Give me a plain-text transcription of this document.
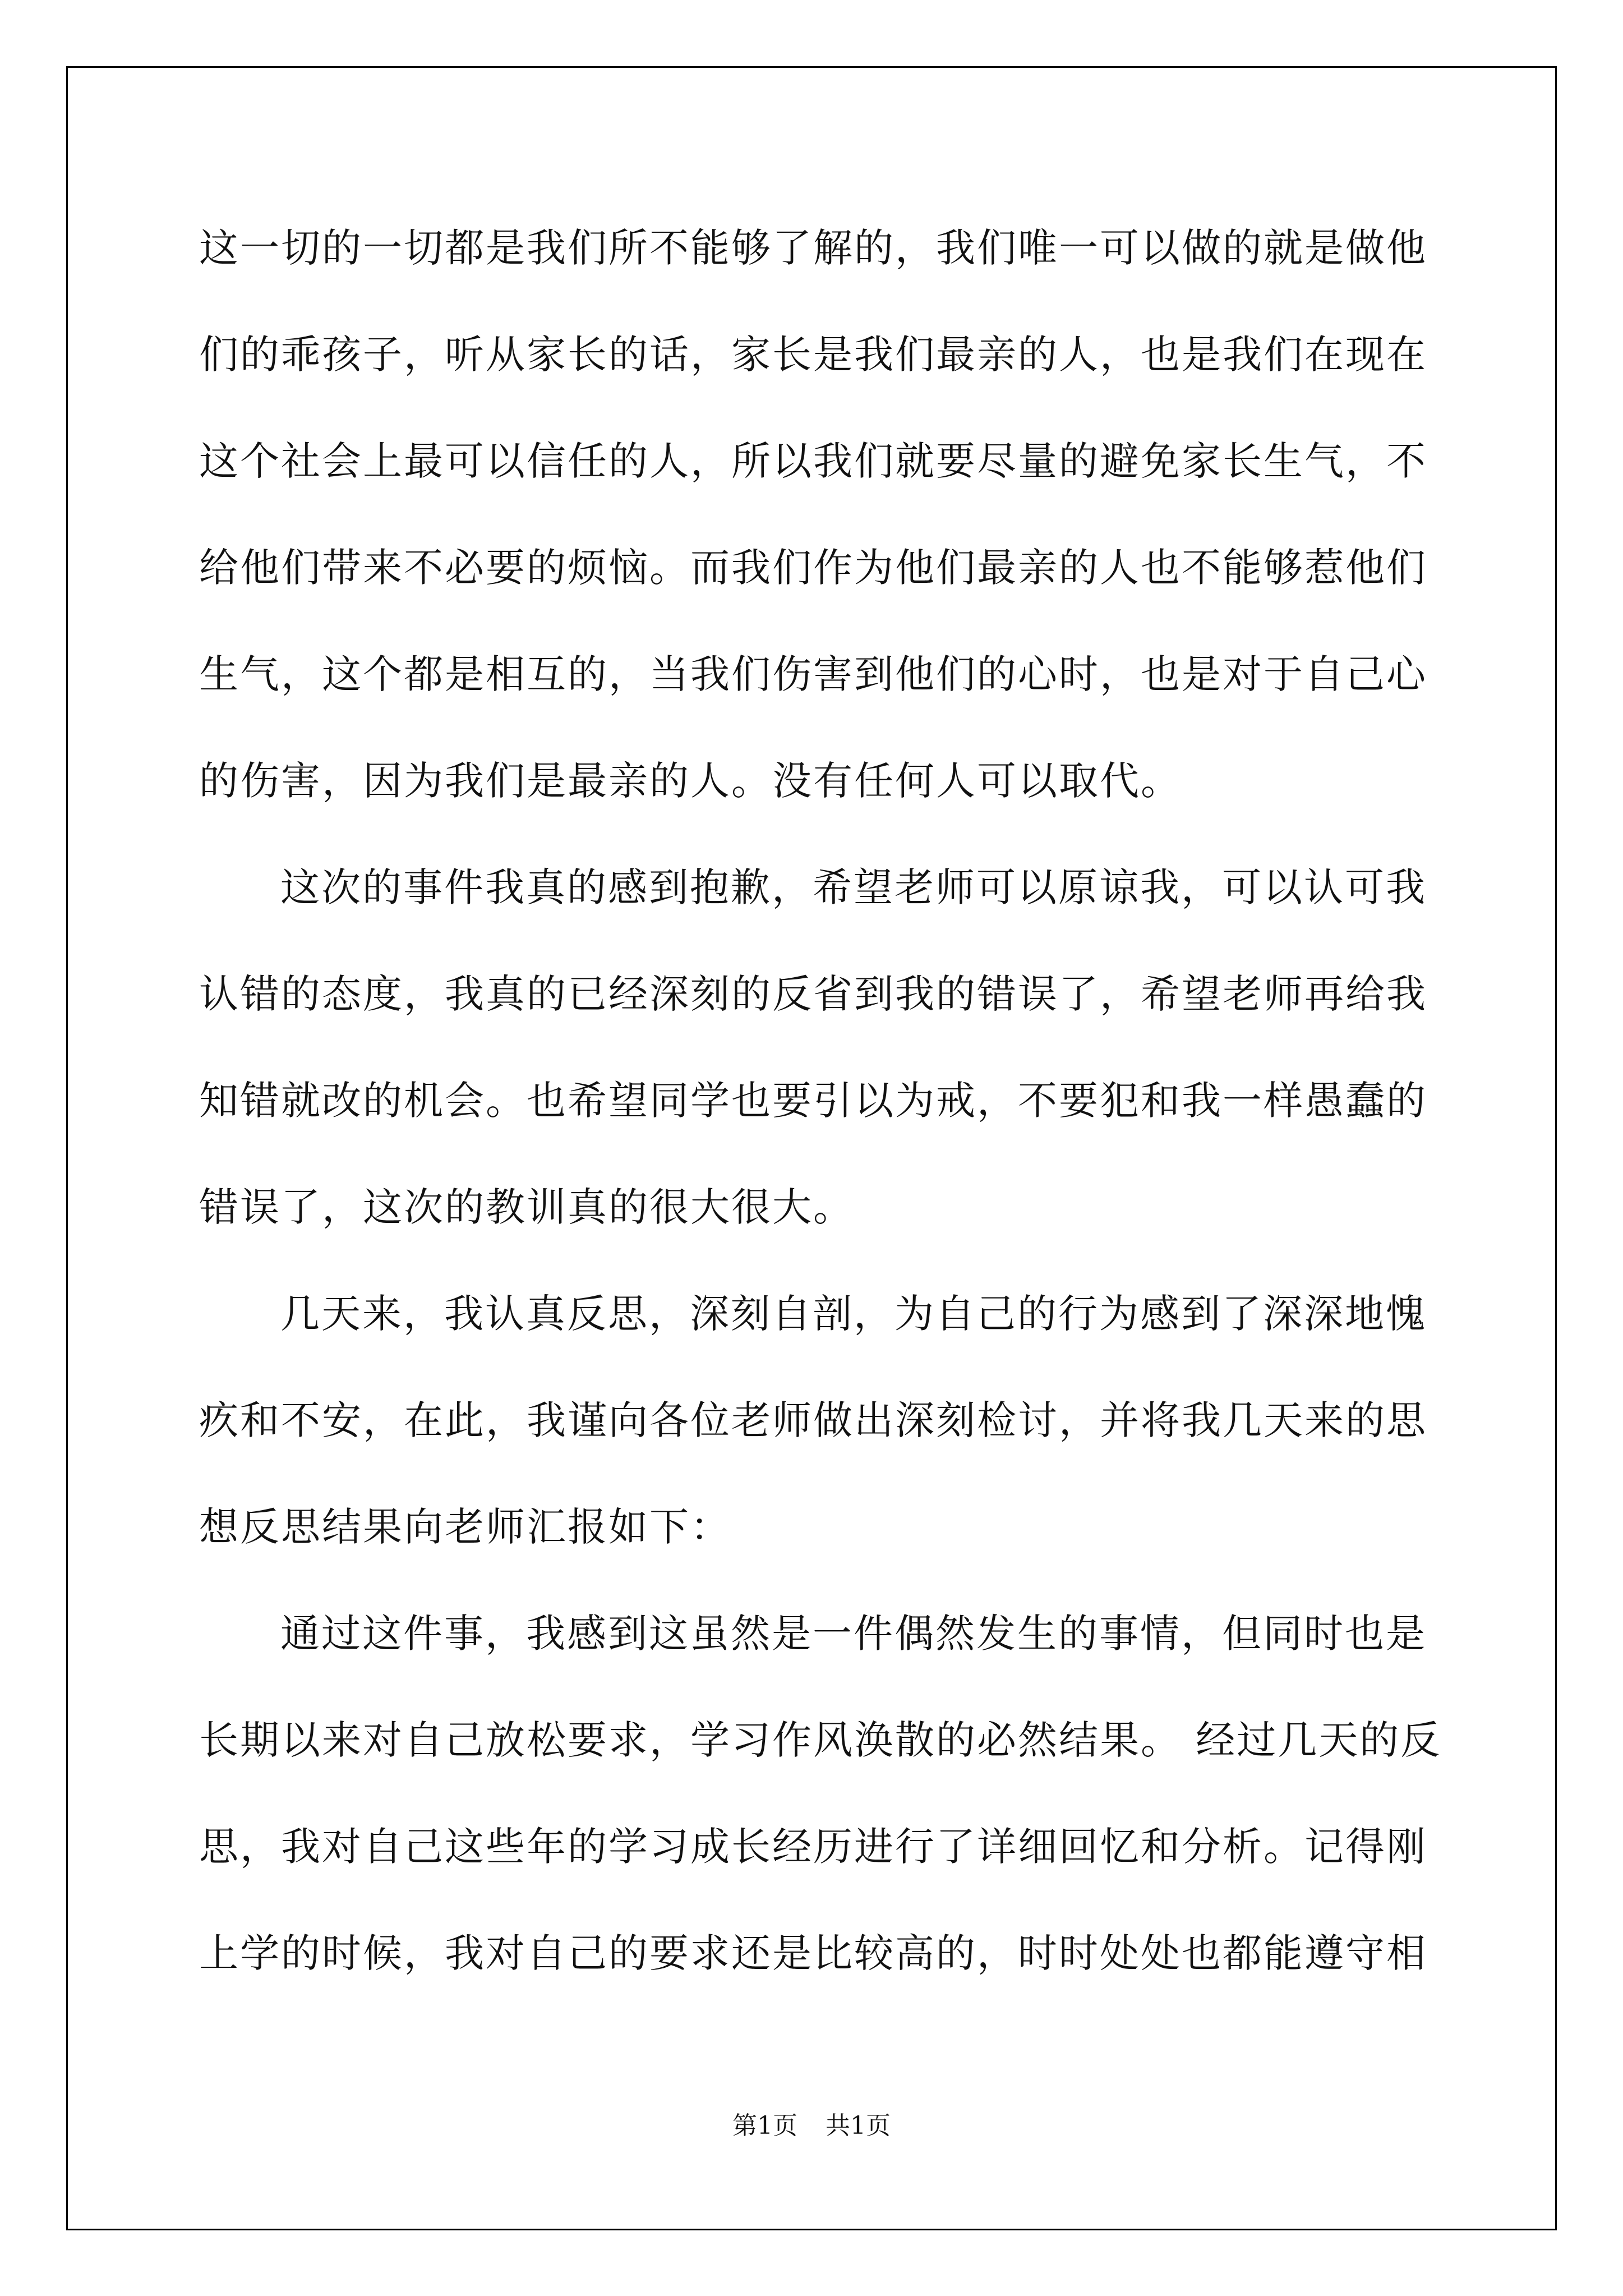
这一切的一切都是我们所不能够了解的，我们唯一可以做的就是做他
们的乖孩子，听从家长的话，家长是我们最亲的人，也是我们在现在
这个社会上最可以信任的人，所以我们就要尽量的避免家长生气，不
给他们带来不必要的烦恼。而我们作为他们最亲的人也不能够惹他们
生气，这个都是相互的，当我们伤害到他们的心时，也是对于自己心
的伤害，因为我们是最亲的人。没有任何人可以取代。
这次的事件我真的感到抱歉，希望老师可以原谅我，可以认可我
认错的态度，我真的已经深刻的反省到我的错误了，希望老师再给我
知错就改的机会。也希望同学也要引以为戒，不要犯和我一样愚蠢的
错误了，这次的教训真的很大很大。
几天来，我认真反思，深刻自剖，为自己的行为感到了深深地愧
疚和不安，在此，我谨向各位老师做出深刻检讨，并将我几天来的思
想反思结果向老师汇报如下：
通过这件事，我感到这虽然是一件偶然发生的事情，但同时也是
长期以来对自己放松要求，学习作风涣散的必然结果。 经过几天的反
思，我对自己这些年的学习成长经历进行了详细回忆和分析。记得刚
上学的时候，我对自己的要求还是比较高的，时时处处也都能遵守相
第1页 共1页
